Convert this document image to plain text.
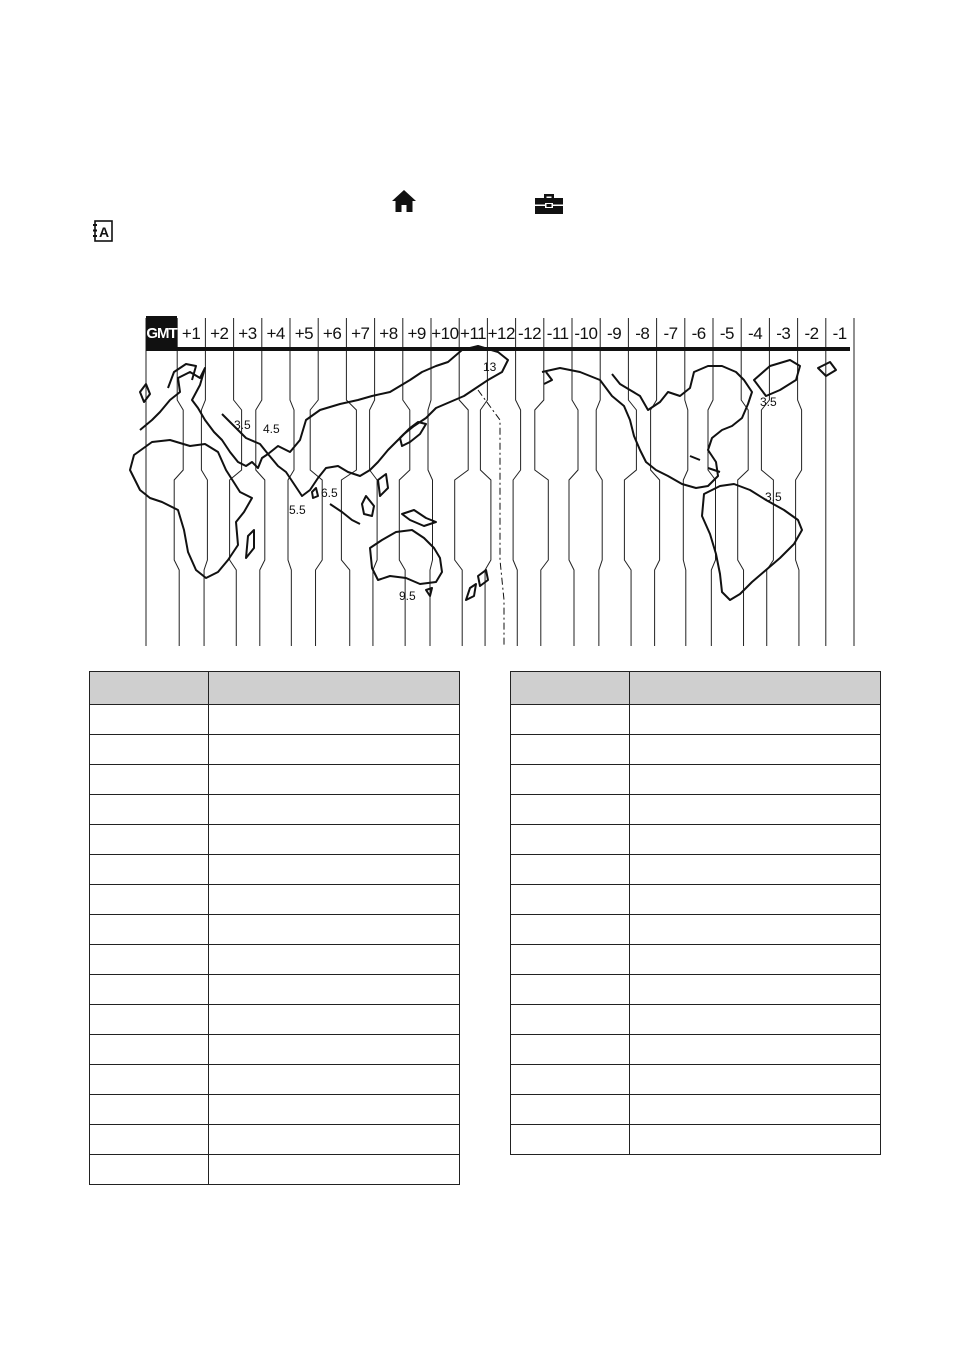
A
GMT +1 +2 +3 +4 +5 +6 +7 +8 +9 +10 +11 +12 -12 -11 -10 -9 -8 -7 -6 -5 -4 -3 -2 -1
3.5 4.5
5.5
6.5
9.5
13
3.5
3.5
